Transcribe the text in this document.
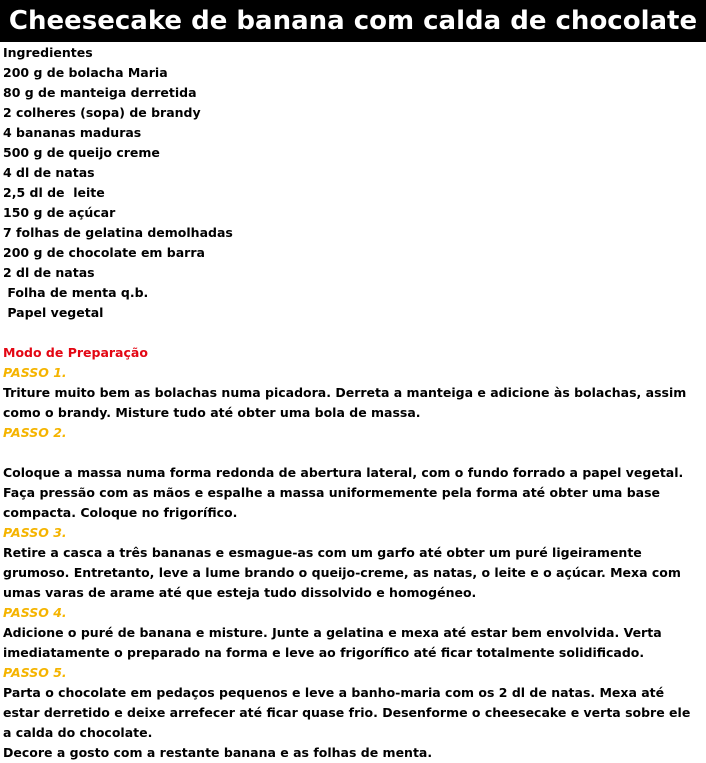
Cheesecake de banana com calda de chocolate
Ingredientes
200 g de bolacha Maria
80 g de manteiga derretida
2 colheres (sopa) de brandy
4 bananas maduras
500 g de queijo creme
4 dl de natas
2,5 dl de  leite
150 g de açúcar
7 folhas de gelatina demolhadas
200 g de chocolate em barra
2 dl de natas
Folha de menta q.b.
Papel vegetal
Modo de Preparação
PASSO 1.
Triture muito bem as bolachas numa picadora. Derreta a manteiga e adicione às bolachas, assim como o brandy. Misture tudo até obter uma bola de massa.
PASSO 2.
Coloque a massa numa forma redonda de abertura lateral, com o fundo forrado a papel vegetal. Faça pressão com as mãos e espalhe a massa uniformemente pela forma até obter uma base compacta. Coloque no frigorífico.
PASSO 3.
Retire a casca a três bananas e esmague-as com um garfo até obter um puré ligeiramente grumoso. Entretanto, leve a lume brando o queijo-creme, as natas, o leite e o açúcar. Mexa com umas varas de arame até que esteja tudo dissolvido e homogéneo.
PASSO 4.
Adicione o puré de banana e misture. Junte a gelatina e mexa até estar bem envolvida. Verta imediatamente o preparado na forma e leve ao frigorífico até ficar totalmente solidificado.
PASSO 5.
Parta o chocolate em pedaços pequenos e leve a banho-maria com os 2 dl de natas. Mexa até estar derretido e deixe arrefecer até ficar quase frio. Desenforme o cheesecake e verta sobre ele a calda do chocolate.
Decore a gosto com a restante banana e as folhas de menta.
